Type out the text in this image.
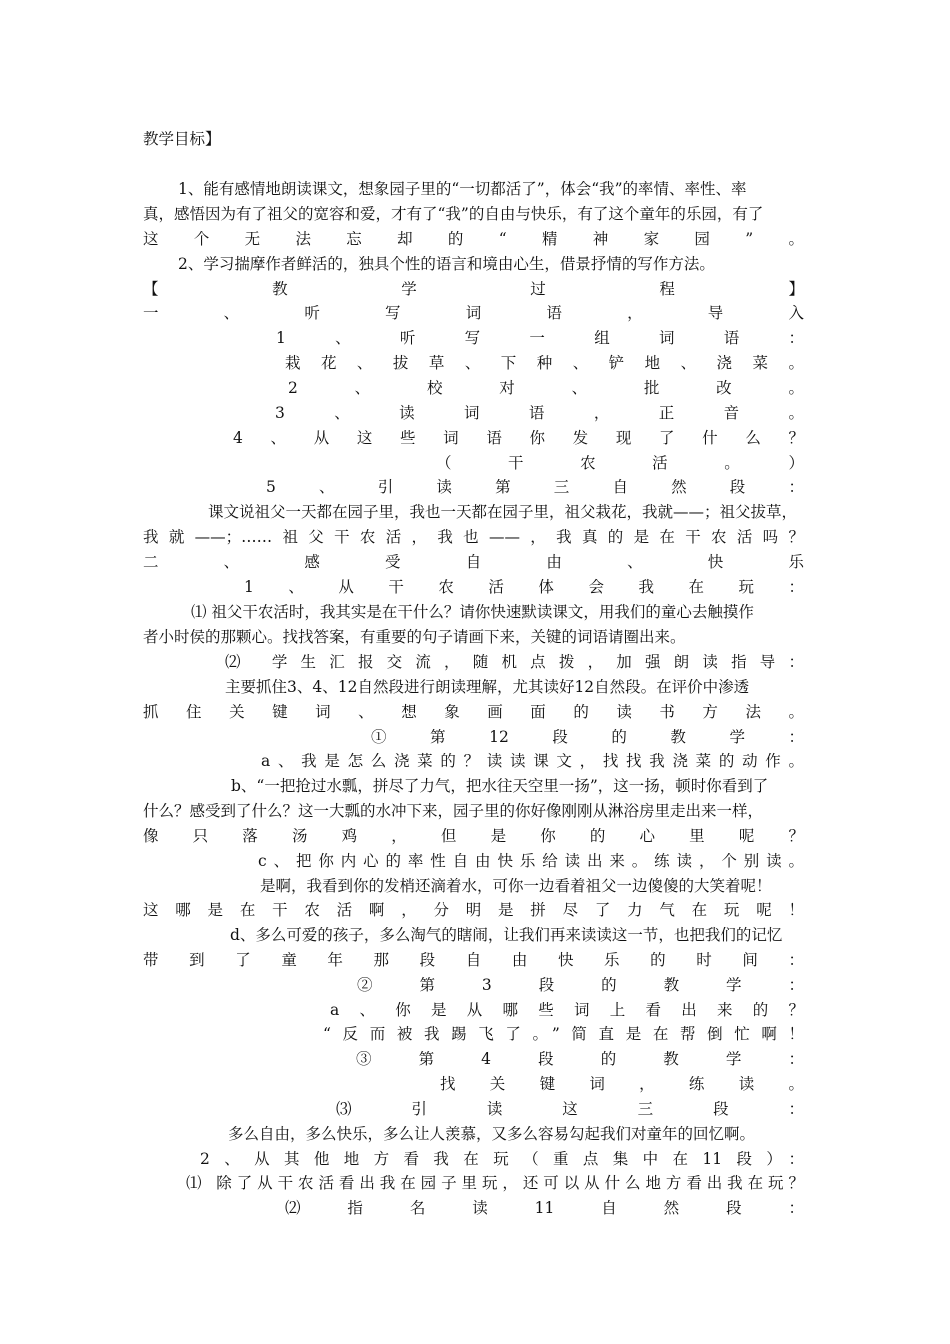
教学目标】
1、能有感情地朗读课文，想象园子里的“一切都活了”，体会“我”的率情、率性、率
真，感悟因为有了祖父的宽容和爱，才有了“我”的自由与快乐，有了这个童年的乐园，有了
这个无法忘却的“精神家园”。
2、学习揣摩作者鲜活的，独具个性的语言和境由心生，借景抒情的写作方法。
【教学过程】
一、听写词语，导入
1、听写一组词语：
栽花、拔草、下种、铲地、浇菜。
2、校对、批改。
3、读词语，正音。
4、从这些词语你发现了什么？
（干农活。）
5、引读第三自然段：
课文说祖父一天都在园子里，我也一天都在园子里，祖父栽花，我就——；祖父拔草，
我就——；……祖父干农活，我也——，我真的是在干农活吗？
二、感受自由、快乐
1、从干农活体会我在玩：
⑴ 祖父干农活时，我其实是在干什么？请你快速默读课文，用我们的童心去触摸作
者小时侯的那颗心。找找答案，有重要的句子请画下来，关键的词语请圈出来。
⑵ 学生汇报交流，随机点拨，加强朗读指导：
主要抓住3、4、12自然段进行朗读理解，尤其读好12自然段。在评价中渗透
抓住关键词、想象画面的读书方法。
①第12段的教学：
a、我是怎么浇菜的？读读课文，找找我浇菜的动作。
b、“一把抢过水瓢，拼尽了力气，把水往天空里一扬”，这一扬，顿时你看到了
什么？感受到了什么？这一大瓢的水冲下来，园子里的你好像刚刚从淋浴房里走出来一样，
像只落汤鸡，但是你的心里呢？
c、把你内心的率性自由快乐给读出来。练读，个别读。
是啊，我看到你的发梢还滴着水，可你一边看着祖父一边傻傻的大笑着呢！
这哪是在干农活啊，分明是拼尽了力气在玩呢！
d、多么可爱的孩子，多么淘气的瞎闹，让我们再来读读这一节，也把我们的记忆
带到了童年那段自由快乐的时间：
②第3段的教学：
a、你是从哪些词上看出来的？
“反而被我踢飞了。”简直是在帮倒忙啊！
③第4段的教学：
找关键词，练读。
⑶引读这三段：
多么自由，多么快乐，多么让人羡慕，又多么容易勾起我们对童年的回忆啊。
2、从其他地方看我在玩（重点集中在11段）：
⑴ 除了从干农活看出我在园子里玩，还可以从什么地方看出我在玩？
⑵指名读11自然段：
